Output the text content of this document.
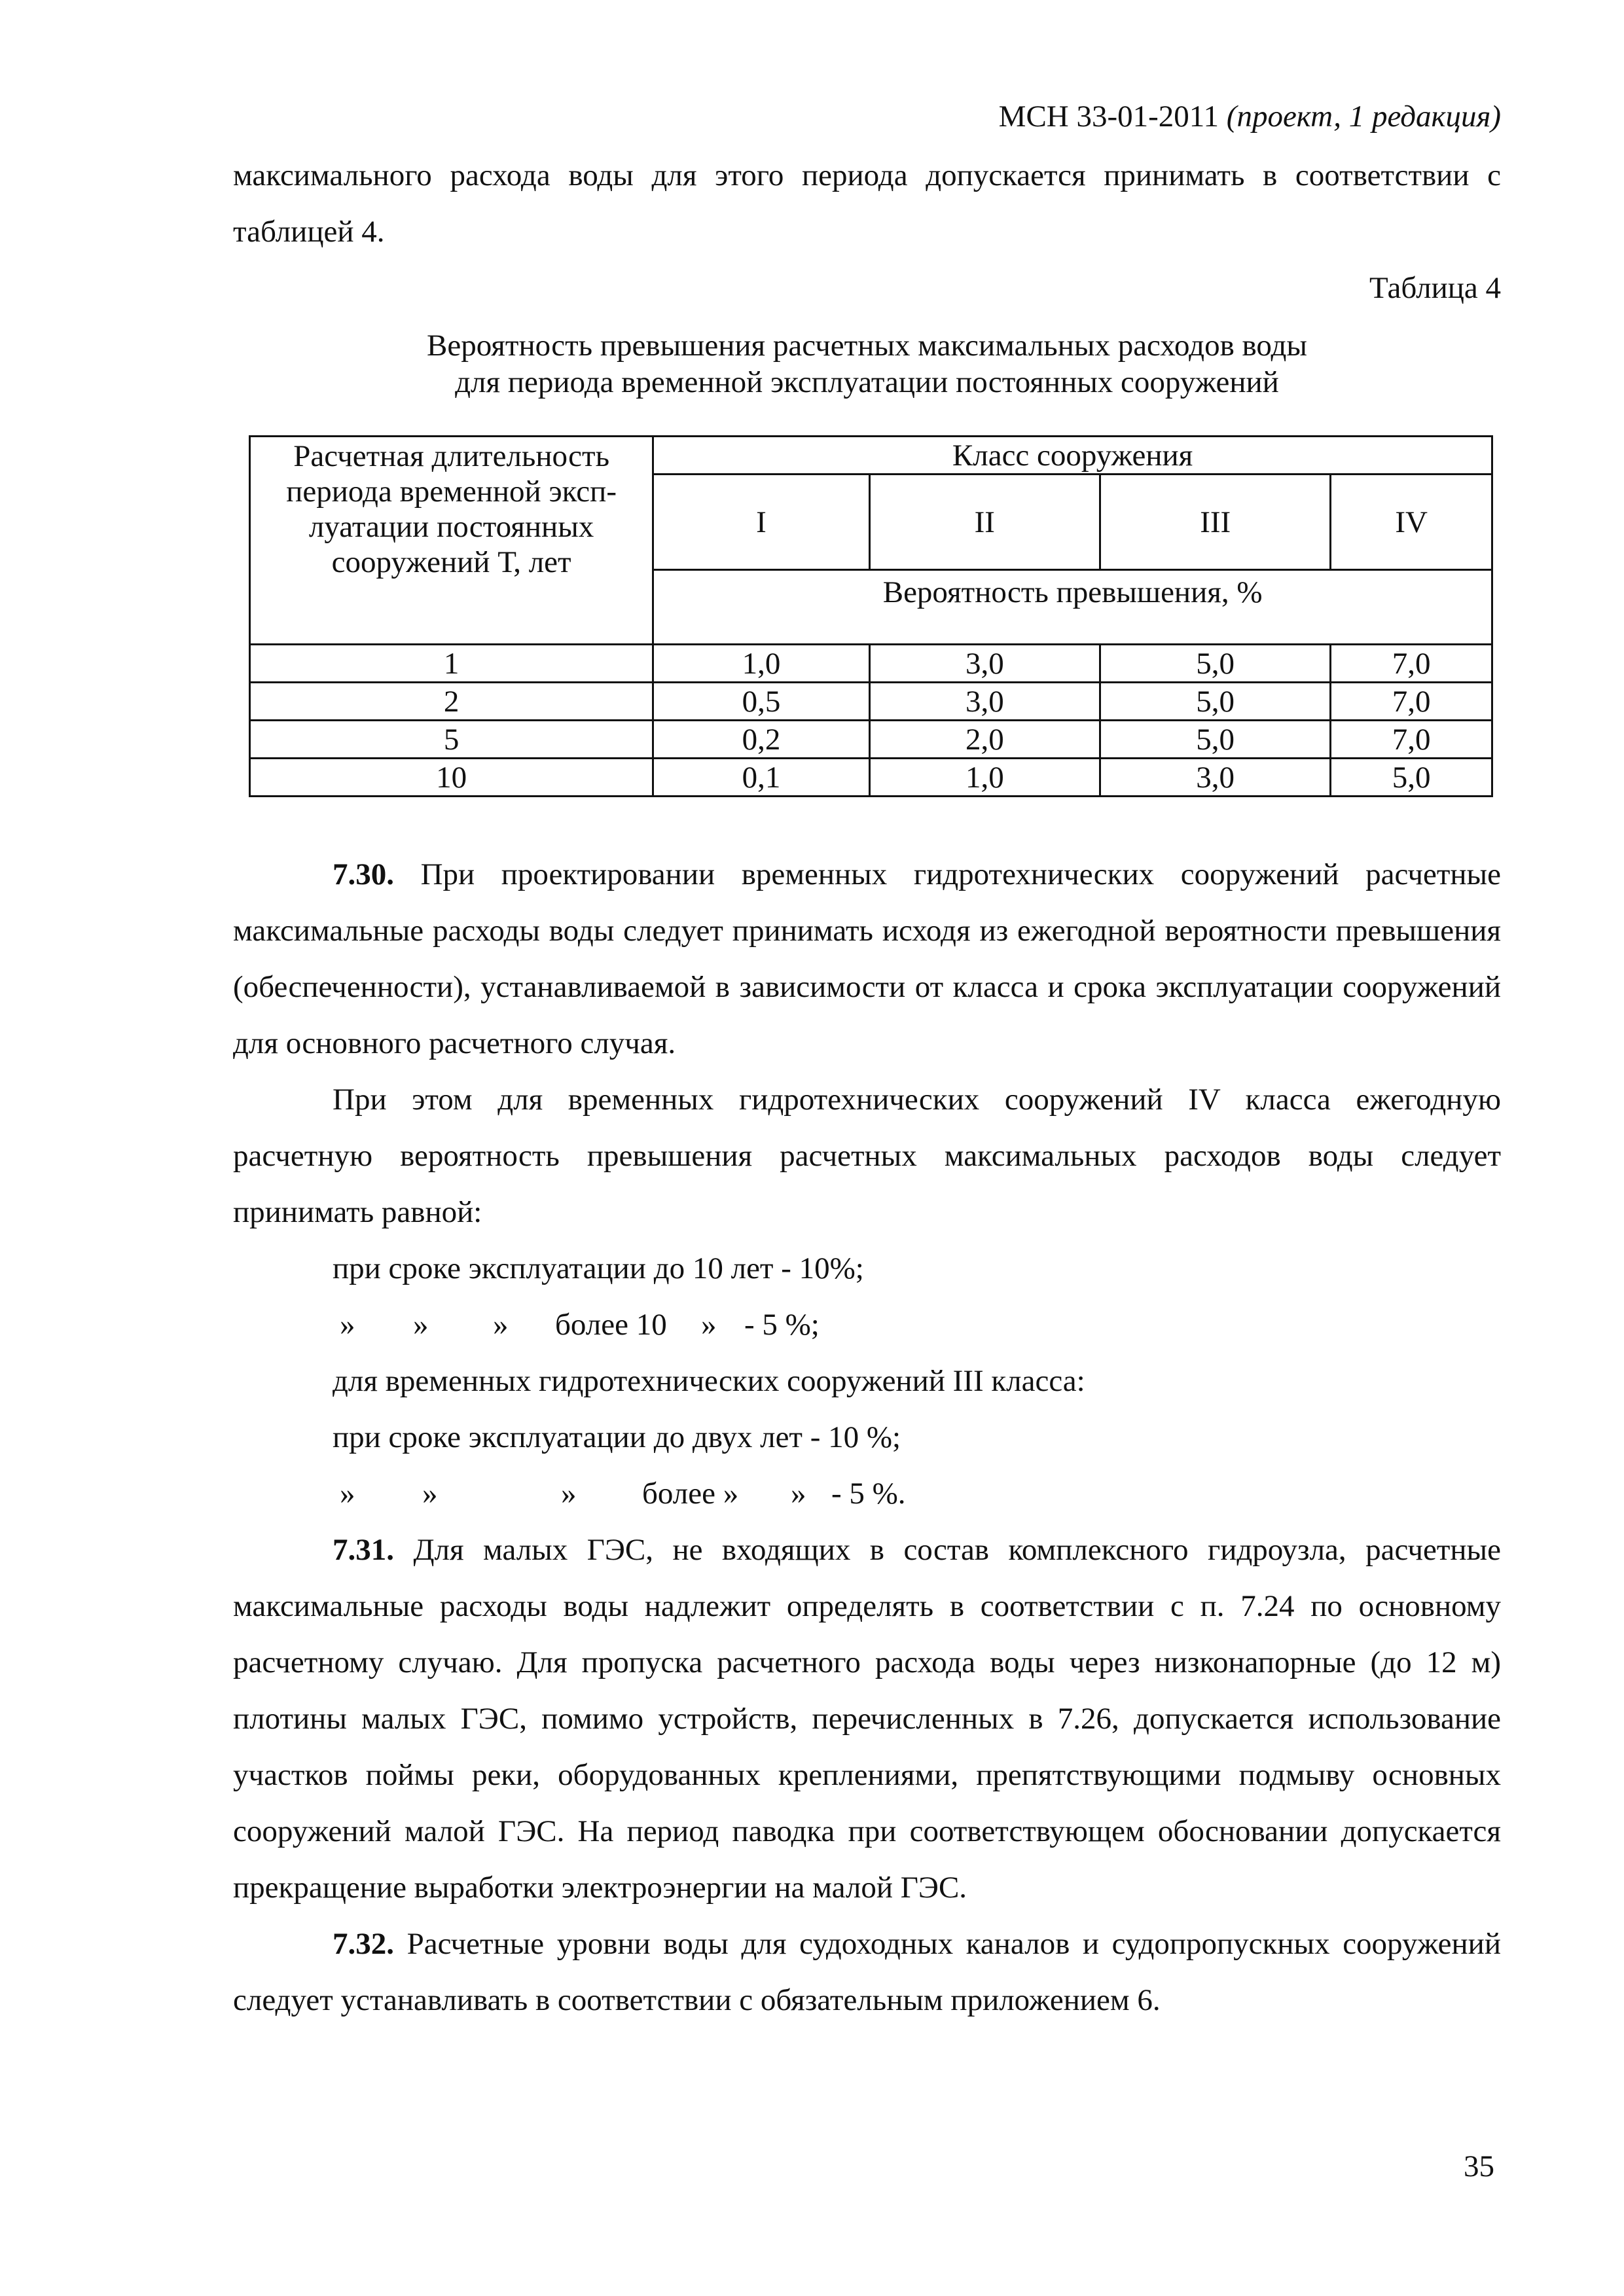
МСН 33-01-2011 (проект, 1 редакция)

максимального расхода воды для этого периода допускается принимать в соответствии с таблицей 4.

Таблица 4
Вероятность превышения расчетных максимальных расходов воды
для периода временной эксплуатации постоянных сооружений
Расчетная длительность периода временной эксплуатации постоянных сооружений Т, лет	Класс сооружения			
	I	II	III	IV
	Вероятность превышения, %			
1	1,0	3,0	5,0	7,0
2	0,5	3,0	5,0	7,0
5	0,2	2,0	5,0	7,0
10	0,1	1,0	3,0	5,0

7.30. При проектировании временных гидротехнических сооружений расчетные максимальные расходы воды следует принимать исходя из ежегодной вероятности превышения (обеспеченности), устанавливаемой в зависимости от класса и срока эксплуатации сооружений для основного расчетного случая.

При этом для временных гидротехнических сооружений IV класса ежегодную расчетную вероятность превышения расчетных максимальных расходов воды следует принимать равной:

при сроке эксплуатации до 10 лет - 10%;
» » » более 10 » - 5 %;
для временных гидротехнических сооружений III класса:
при сроке эксплуатации до двух лет - 10 %;
» »	» более » » - 5 %.

7.31. Для малых ГЭС, не входящих в состав комплексного гидроузла, расчетные максимальные расходы воды надлежит определять в соответствии с п. 7.24 по основному расчетному случаю. Для пропуска расчетного расхода воды через низконапорные (до 12 м) плотины малых ГЭС, помимо устройств, перечисленных в 7.26, допускается использование участков поймы реки, оборудованных креплениями, препятствующими подмыву основных сооружений малой ГЭС. На период паводка при соответствующем обосновании допускается прекращение выработки электроэнергии на малой ГЭС.

7.32. Расчетные уровни воды для судоходных каналов и судопропускных сооружений следует устанавливать в соответствии с обязательным приложением 6.

35
